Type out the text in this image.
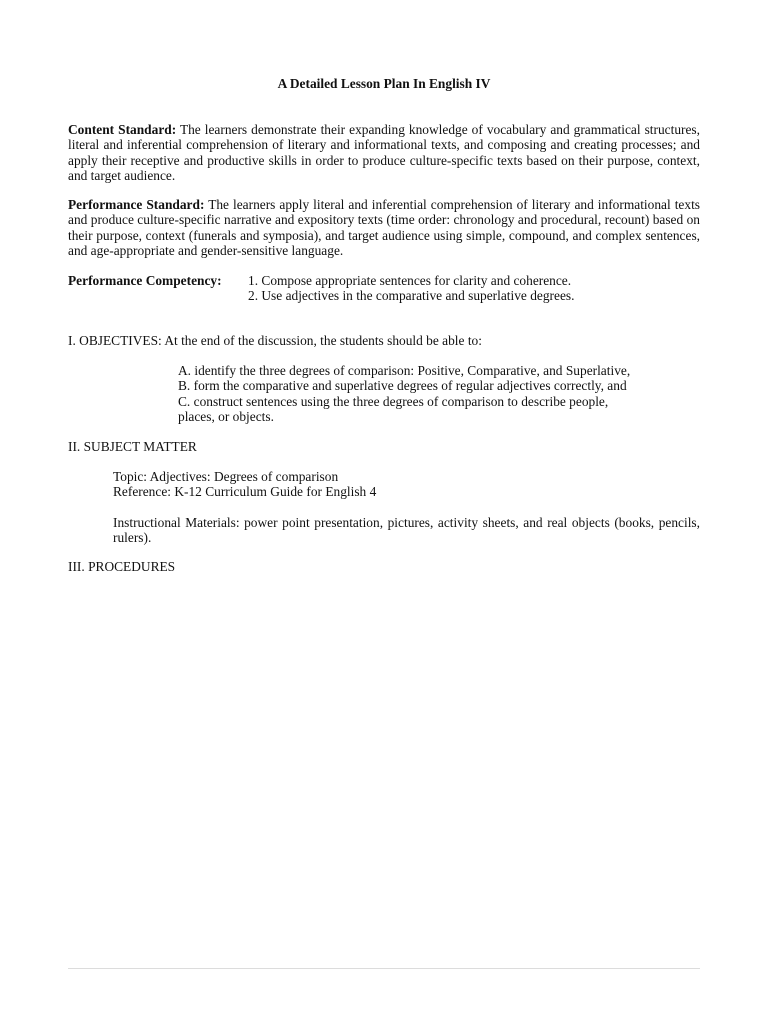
A Detailed Lesson Plan In English IV
Content Standard: The learners demonstrate their expanding knowledge of vocabulary and grammatical structures, literal and inferential comprehension of literary and informational texts, and composing and creating processes; and apply their receptive and productive skills in order to produce culture-specific texts based on their purpose, context, and target audience.
Performance Standard: The learners apply literal and inferential comprehension of literary and informational texts and produce culture-specific narrative and expository texts (time order: chronology and procedural, recount) based on their purpose, context (funerals and symposia), and target audience using simple, compound, and complex sentences, and age-appropriate and gender-sensitive language.
Performance Competency: 1. Compose appropriate sentences for clarity and coherence.
2. Use adjectives in the comparative and superlative degrees.
I. OBJECTIVES: At the end of the discussion, the students should be able to:
A. identify the three degrees of comparison: Positive, Comparative, and Superlative,
B. form the comparative and superlative degrees of regular adjectives correctly, and
C. construct sentences using the three degrees of comparison to describe people,
places, or objects.
II. SUBJECT MATTER
Topic: Adjectives: Degrees of comparison
Reference: K-12 Curriculum Guide for English 4
Instructional Materials: power point presentation, pictures, activity sheets, and real objects (books, pencils, rulers).
III. PROCEDURES
